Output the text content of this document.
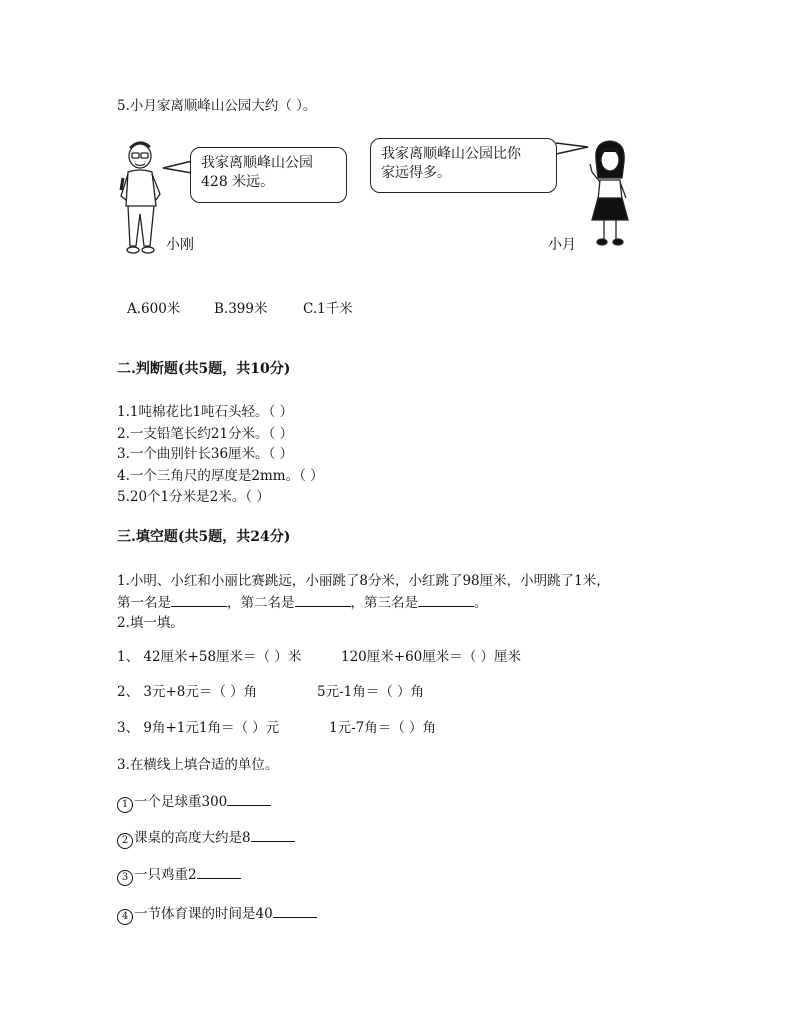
5.小月家离顺峰山公园大约（ ）。
我家离顺峰山公园
428 米远。
小刚
我家离顺峰山公园比你
家远得多。
小月
A.600米 B.399米	C.1千米
二.判断题(共5题，共10分)
1.1吨棉花比1吨石头轻。（ ）
2.一支铅笔长约21分米。（ ）
3.一个曲别针长36厘米。（ ）
4.一个三角尺的厚度是2mm。（ ）
5.20个1分米是2米。（ ）
三.填空题(共5题，共24分)
1.小明、小红和小丽比赛跳远，小丽跳了8分米，小红跳了98厘米，小明跳了1米，
第一名是	，第二名是	，第三名是	。
2.填一填。
1、 42厘米+58厘米＝（ ）米	120厘米+60厘米＝（ ）厘米
2、 3元+8元＝（ ）角	5元-1角＝（ ）角
3、 9角+1元1角＝（ ）元	1元-7角＝（ ）角
3.在横线上填合适的单位。
1 一个足球重300
2 课桌的高度大约是8
3 一只鸡重2
4 一节体育课的时间是40
